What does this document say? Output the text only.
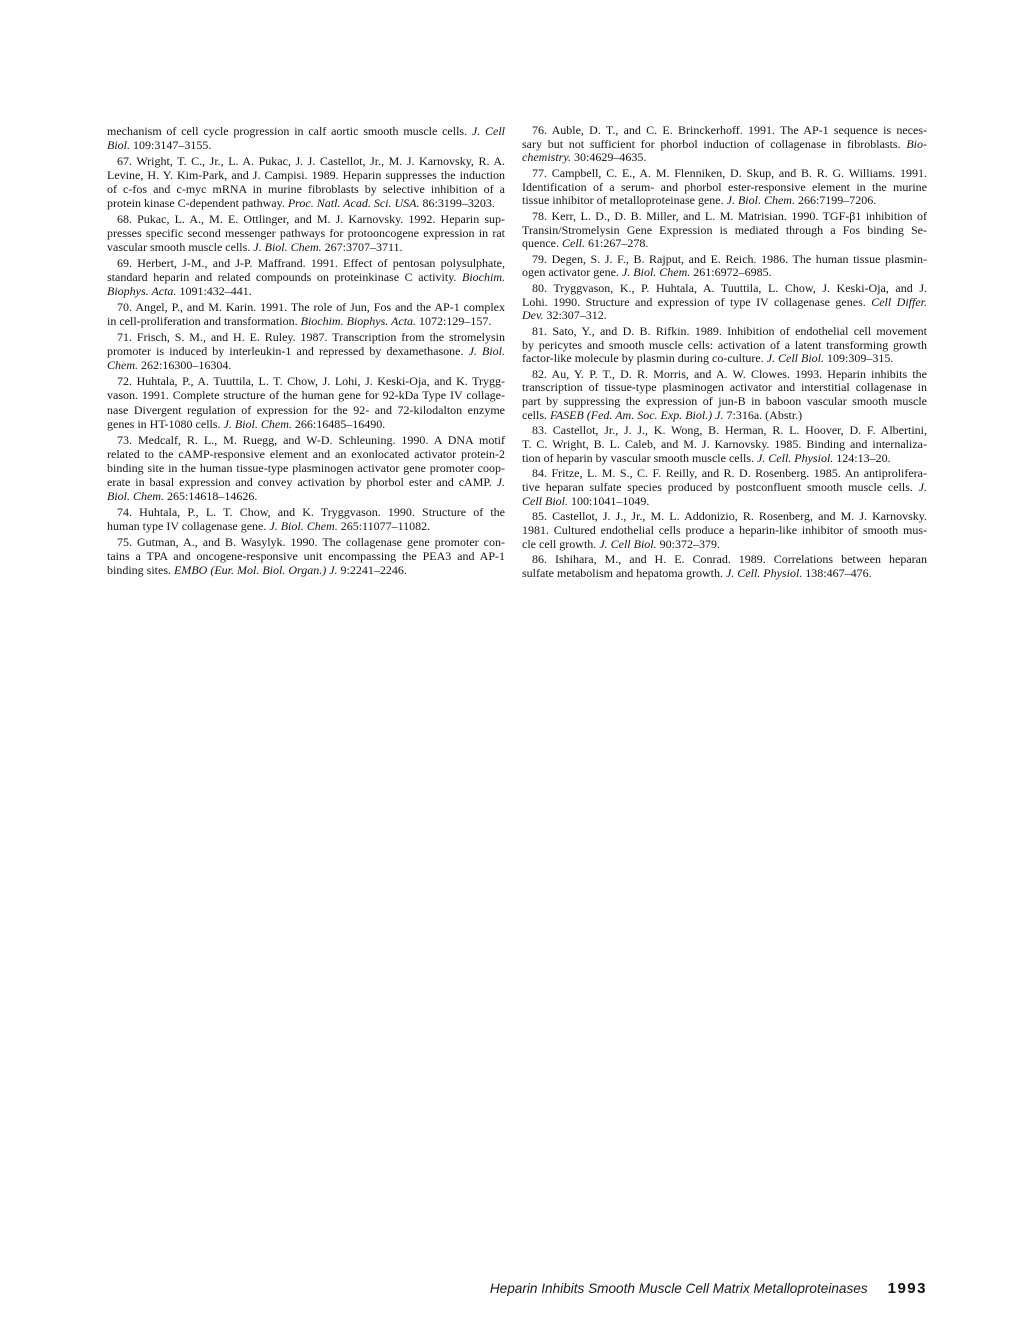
mechanism of cell cycle progression in calf aortic smooth muscle cells. J. Cell
Biol. 109:3147–3155.
67. Wright, T. C., Jr., L. A. Pukac, J. J. Castellot, Jr., M. J. Karnovsky, R. A.
Levine, H. Y. Kim-Park, and J. Campisi. 1989. Heparin suppresses the induction
of c-fos and c-myc mRNA in murine fibroblasts by selective inhibition of a
protein kinase C-dependent pathway. Proc. Natl. Acad. Sci. USA. 86:3199–3203.
68. Pukac, L. A., M. E. Ottlinger, and M. J. Karnovsky. 1992. Heparin sup-
presses specific second messenger pathways for protooncogene expression in rat
vascular smooth muscle cells. J. Biol. Chem. 267:3707–3711.
69. Herbert, J-M., and J-P. Maffrand. 1991. Effect of pentosan polysulphate,
standard heparin and related compounds on proteinkinase C activity. Biochim.
Biophys. Acta. 1091:432–441.
70. Angel, P., and M. Karin. 1991. The role of Jun, Fos and the AP-1 complex
in cell-proliferation and transformation. Biochim. Biophys. Acta. 1072:129–157.
71. Frisch, S. M., and H. E. Ruley. 1987. Transcription from the stromelysin
promoter is induced by interleukin-1 and repressed by dexamethasone. J. Biol.
Chem. 262:16300–16304.
72. Huhtala, P., A. Tuuttila, L. T. Chow, J. Lohi, J. Keski-Oja, and K. Trygg-
vason. 1991. Complete structure of the human gene for 92-kDa Type IV collage-
nase Divergent regulation of expression for the 92- and 72-kilodalton enzyme
genes in HT-1080 cells. J. Biol. Chem. 266:16485–16490.
73. Medcalf, R. L., M. Ruegg, and W-D. Schleuning. 1990. A DNA motif
related to the cAMP-responsive element and an exonlocated activator protein-2
binding site in the human tissue-type plasminogen activator gene promoter coop-
erate in basal expression and convey activation by phorbol ester and cAMP. J.
Biol. Chem. 265:14618–14626.
74. Huhtala, P., L. T. Chow, and K. Tryggvason. 1990. Structure of the
human type IV collagenase gene. J. Biol. Chem. 265:11077–11082.
75. Gutman, A., and B. Wasylyk. 1990. The collagenase gene promoter con-
tains a TPA and oncogene-responsive unit encompassing the PEA3 and AP-1
binding sites. EMBO (Eur. Mol. Biol. Organ.) J. 9:2241–2246.
76. Auble, D. T., and C. E. Brinckerhoff. 1991. The AP-1 sequence is neces-
sary but not sufficient for phorbol induction of collagenase in fibroblasts. Bio-
chemistry. 30:4629–4635.
77. Campbell, C. E., A. M. Flenniken, D. Skup, and B. R. G. Williams. 1991.
Identification of a serum- and phorbol ester-responsive element in the murine
tissue inhibitor of metalloproteinase gene. J. Biol. Chem. 266:7199–7206.
78. Kerr, L. D., D. B. Miller, and L. M. Matrisian. 1990. TGF-β1 inhibition of
Transin/Stromelysin Gene Expression is mediated through a Fos binding Se-
quence. Cell. 61:267–278.
79. Degen, S. J. F., B. Rajput, and E. Reich. 1986. The human tissue plasmin-
ogen activator gene. J. Biol. Chem. 261:6972–6985.
80. Tryggvason, K., P. Huhtala, A. Tuuttila, L. Chow, J. Keski-Oja, and J.
Lohi. 1990. Structure and expression of type IV collagenase genes. Cell Differ.
Dev. 32:307–312.
81. Sato, Y., and D. B. Rifkin. 1989. Inhibition of endothelial cell movement
by pericytes and smooth muscle cells: activation of a latent transforming growth
factor-like molecule by plasmin during co-culture. J. Cell Biol. 109:309–315.
82. Au, Y. P. T., D. R. Morris, and A. W. Clowes. 1993. Heparin inhibits the
transcription of tissue-type plasminogen activator and interstitial collagenase in
part by suppressing the expression of jun-B in baboon vascular smooth muscle
cells. FASEB (Fed. Am. Soc. Exp. Biol.) J. 7:316a. (Abstr.)
83. Castellot, Jr., J. J., K. Wong, B. Herman, R. L. Hoover, D. F. Albertini,
T. C. Wright, B. L. Caleb, and M. J. Karnovsky. 1985. Binding and internaliza-
tion of heparin by vascular smooth muscle cells. J. Cell. Physiol. 124:13–20.
84. Fritze, L. M. S., C. F. Reilly, and R. D. Rosenberg. 1985. An antiprolifera-
tive heparan sulfate species produced by postconfluent smooth muscle cells. J.
Cell Biol. 100:1041–1049.
85. Castellot, J. J., Jr., M. L. Addonizio, R. Rosenberg, and M. J. Karnovsky.
1981. Cultured endothelial cells produce a heparin-like inhibitor of smooth mus-
cle cell growth. J. Cell Biol. 90:372–379.
86. Ishihara, M., and H. E. Conrad. 1989. Correlations between heparan
sulfate metabolism and hepatoma growth. J. Cell. Physiol. 138:467–476.
Heparin Inhibits Smooth Muscle Cell Matrix Metalloproteinases 1993
